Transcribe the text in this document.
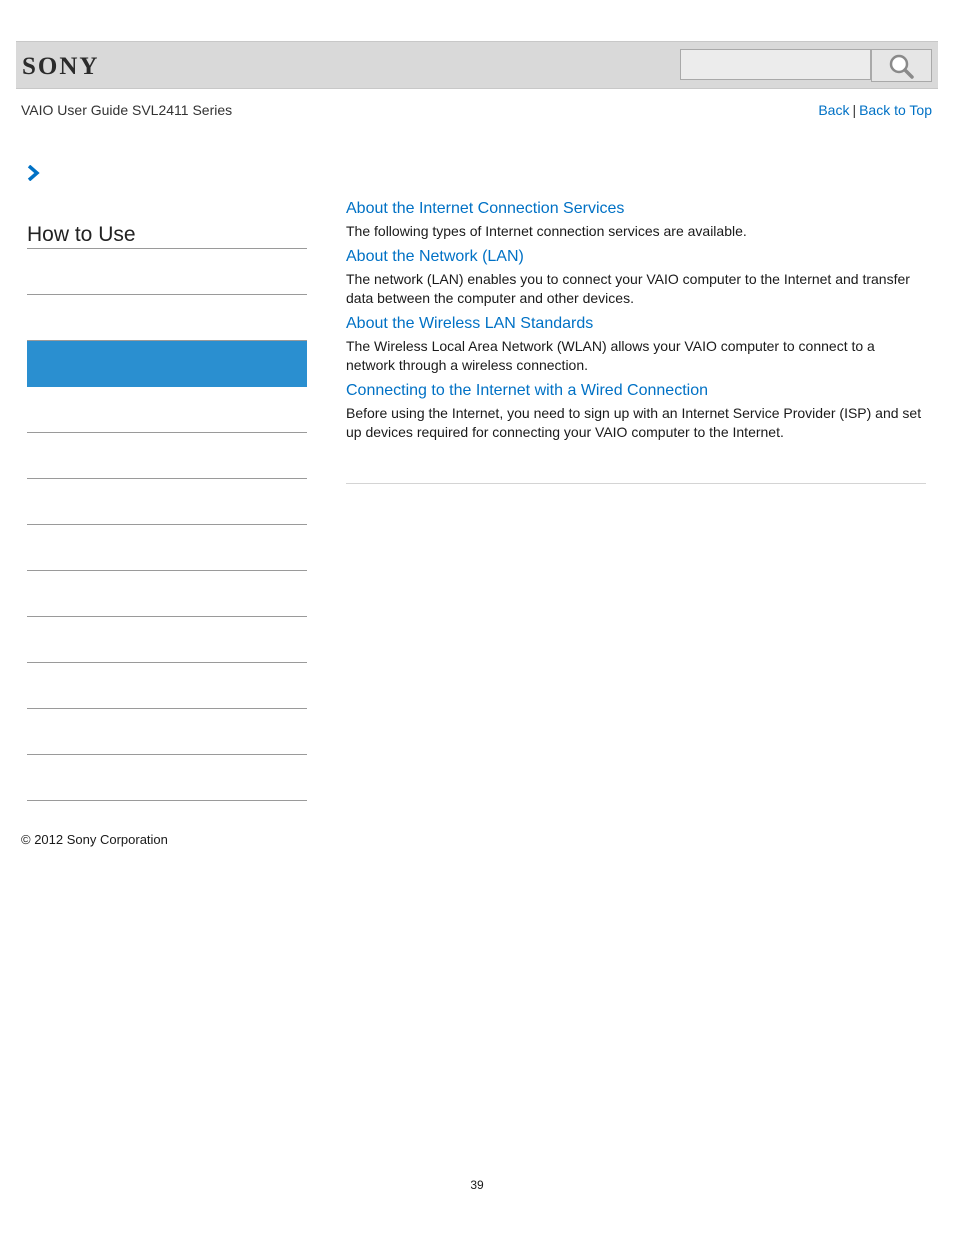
SONY
VAIO User Guide SVL2411 Series	Back | Back to Top
How to Use
About the Internet Connection Services
The following types of Internet connection services are available.
About the Network (LAN)
The network (LAN) enables you to connect your VAIO computer to the Internet and transfer data between the computer and other devices.
About the Wireless LAN Standards
The Wireless Local Area Network (WLAN) allows your VAIO computer to connect to a network through a wireless connection.
Connecting to the Internet with a Wired Connection
Before using the Internet, you need to sign up with an Internet Service Provider (ISP) and set up devices required for connecting your VAIO computer to the Internet.
© 2012 Sony Corporation
39
